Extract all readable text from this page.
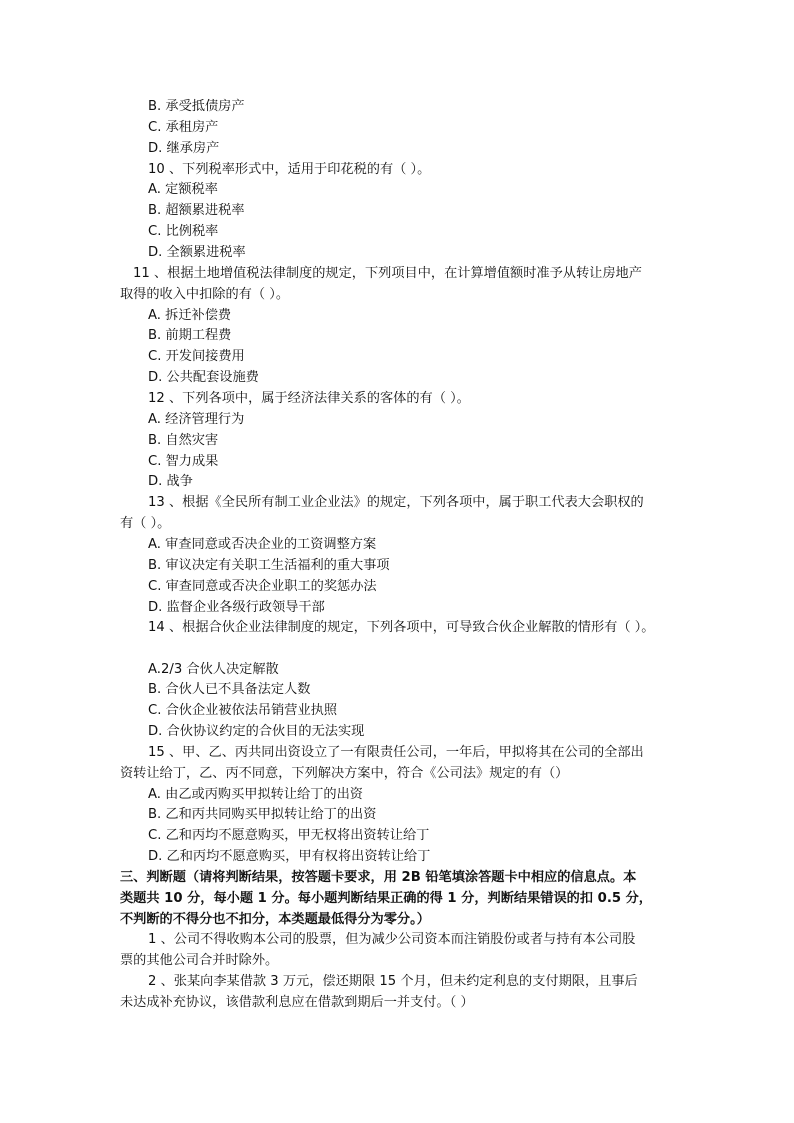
B. 承受抵债房产
C. 承租房产
D. 继承房产
10 、下列税率形式中，适用于印花税的有（ ）。
A. 定额税率
B. 超额累进税率
C. 比例税率
D. 全额累进税率
11 、根据土地增值税法律制度的规定，下列项目中，在计算增值额时准予从转让房地产
取得的收入中扣除的有（ ）。
A. 拆迁补偿费
B. 前期工程费
C. 开发间接费用
D. 公共配套设施费
12 、下列各项中，属于经济法律关系的客体的有（ ）。
A. 经济管理行为
B. 自然灾害
C. 智力成果
D. 战争
13 、根据《全民所有制工业企业法》的规定，下列各项中，属于职工代表大会职权的
有（ ）。
A. 审查同意或否决企业的工资调整方案
B. 审议决定有关职工生活福利的重大事项
C. 审查同意或否决企业职工的奖惩办法
D. 监督企业各级行政领导干部
14 、根据合伙企业法律制度的规定，下列各项中，可导致合伙企业解散的情形有（ ）。
A.2/3 合伙人决定解散
B. 合伙人已不具备法定人数
C. 合伙企业被依法吊销营业执照
D. 合伙协议约定的合伙目的无法实现
15 、甲、乙、丙共同出资设立了一有限责任公司，一年后，甲拟将其在公司的全部出
资转让给丁，乙、丙不同意，下列解决方案中，符合《公司法》规定的有（）
A. 由乙或丙购买甲拟转让给丁的出资
B. 乙和丙共同购买甲拟转让给丁的出资
C. 乙和丙均不愿意购买，甲无权将出资转让给丁
D. 乙和丙均不愿意购买，甲有权将出资转让给丁
三、判断题（请将判断结果，按答题卡要求，用 2B 铅笔填涂答题卡中相应的信息点。本
类题共 10 分，每小题 1 分。每小题判断结果正确的得 1 分，判断结果错误的扣 0.5 分，
不判断的不得分也不扣分，本类题最低得分为零分。）
1 、公司不得收购本公司的股票，但为减少公司资本而注销股份或者与持有本公司股
票的其他公司合并时除外。
2 、张某向李某借款 3 万元，偿还期限 15 个月，但未约定利息的支付期限，且事后
未达成补充协议，该借款利息应在借款到期后一并支付。（ ）
